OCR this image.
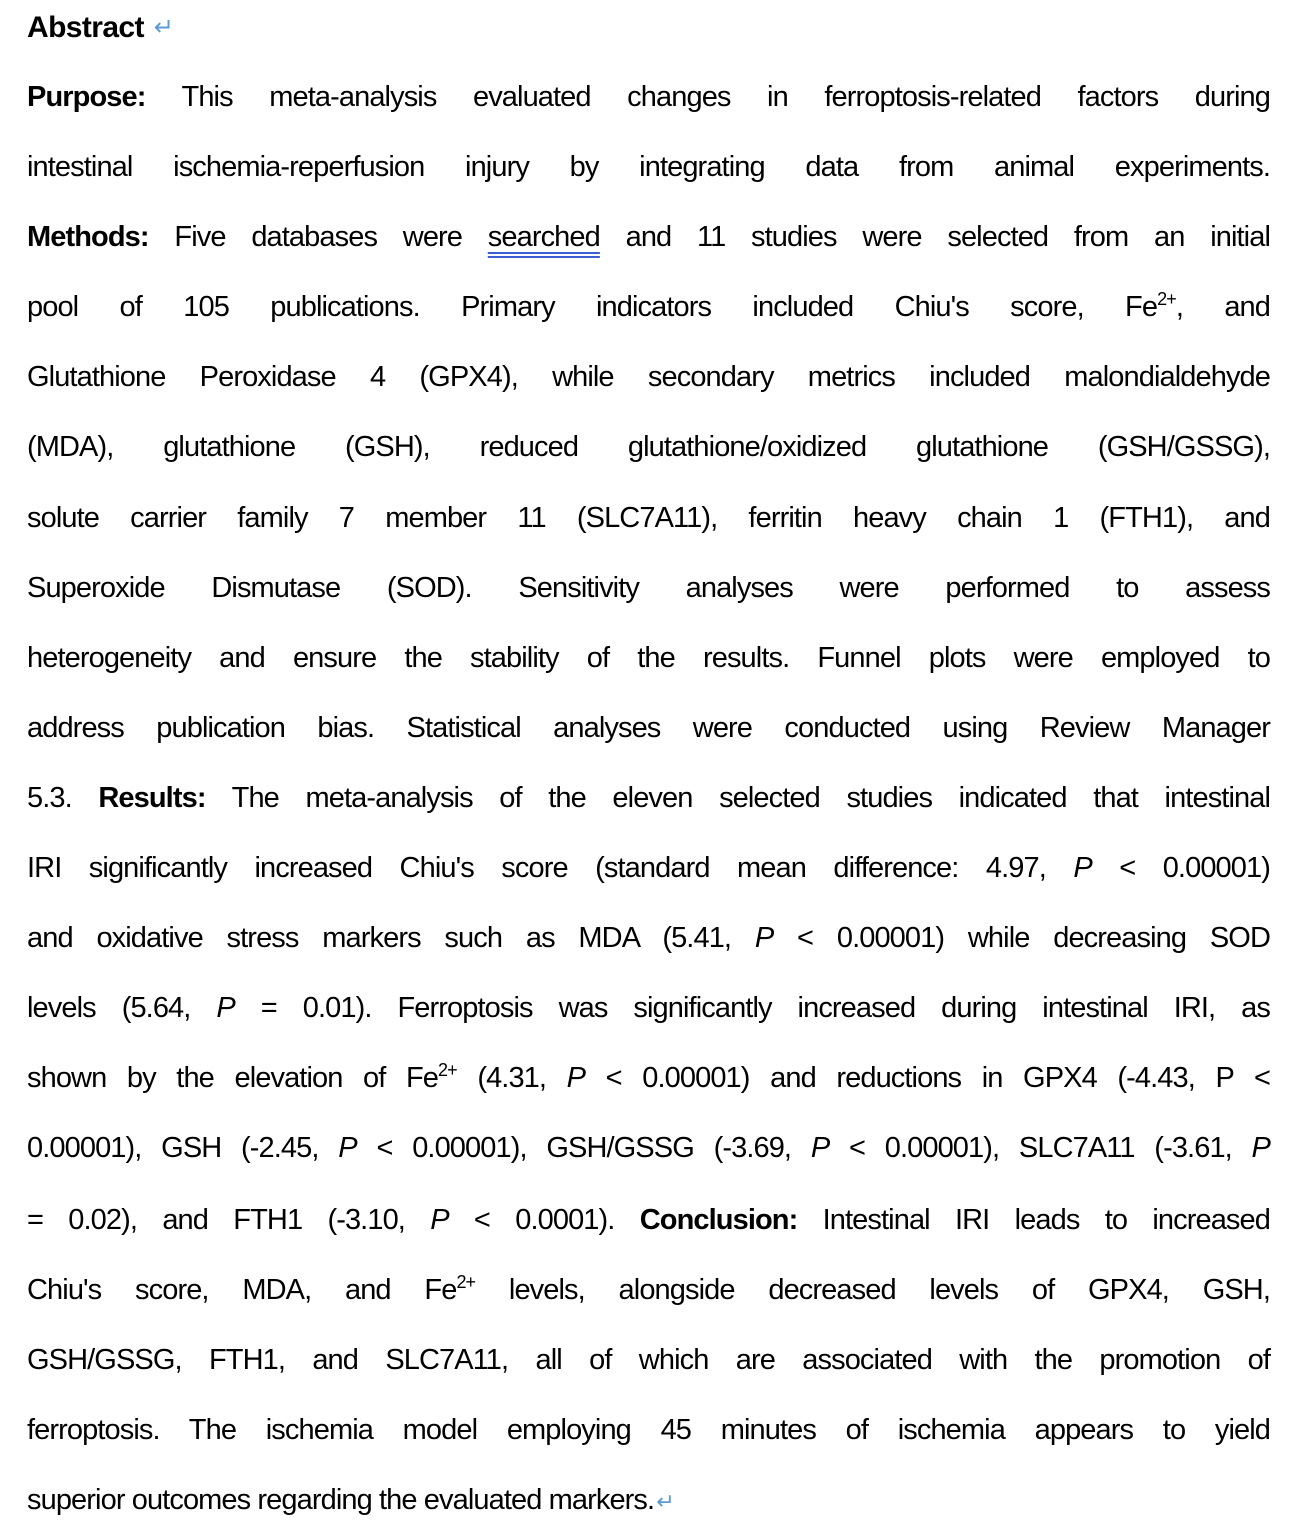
Abstract ↵
Purpose: This meta-analysis evaluated changes in ferroptosis-related factors during
intestinal ischemia-reperfusion injury by integrating data from animal experiments.
Methods: Five databases were searched and 11 studies were selected from an initial
pool of 105 publications. Primary indicators included Chiu's score, $Fe^{2+}$, and
Glutathione Peroxidase 4 (GPX4), while secondary metrics included malondialdehyde
(MDA), glutathione (GSH), reduced glutathione/oxidized glutathione (GSH/GSSG),
solute carrier family 7 member 11 (SLC7A11), ferritin heavy chain 1 (FTH1), and
Superoxide Dismutase (SOD). Sensitivity analyses were performed to assess
heterogeneity and ensure the stability of the results. Funnel plots were employed to
address publication bias. Statistical analyses were conducted using Review Manager
5.3. Results: The meta-analysis of the eleven selected studies indicated that intestinal
IRI significantly increased Chiu's score (standard mean difference: 4.97, P < 0.00001)
and oxidative stress markers such as MDA (5.41, P < 0.00001) while decreasing SOD
levels (5.64, P = 0.01). Ferroptosis was significantly increased during intestinal IRI, as
shown by the elevation of $Fe^{2+}$ (4.31, P < 0.00001) and reductions in GPX4 (-4.43, P <
0.00001), GSH (-2.45, P < 0.00001), GSH/GSSG (-3.69, P < 0.00001), SLC7A11 (-3.61, P
= 0.02), and FTH1 (-3.10, P < 0.0001). Conclusion: Intestinal IRI leads to increased
Chiu's score, MDA, and $Fe^{2+}$ levels, alongside decreased levels of GPX4, GSH,
GSH/GSSG, FTH1, and SLC7A11, all of which are associated with the promotion of
ferroptosis. The ischemia model employing 45 minutes of ischemia appears to yield
superior outcomes regarding the evaluated markers.↵
